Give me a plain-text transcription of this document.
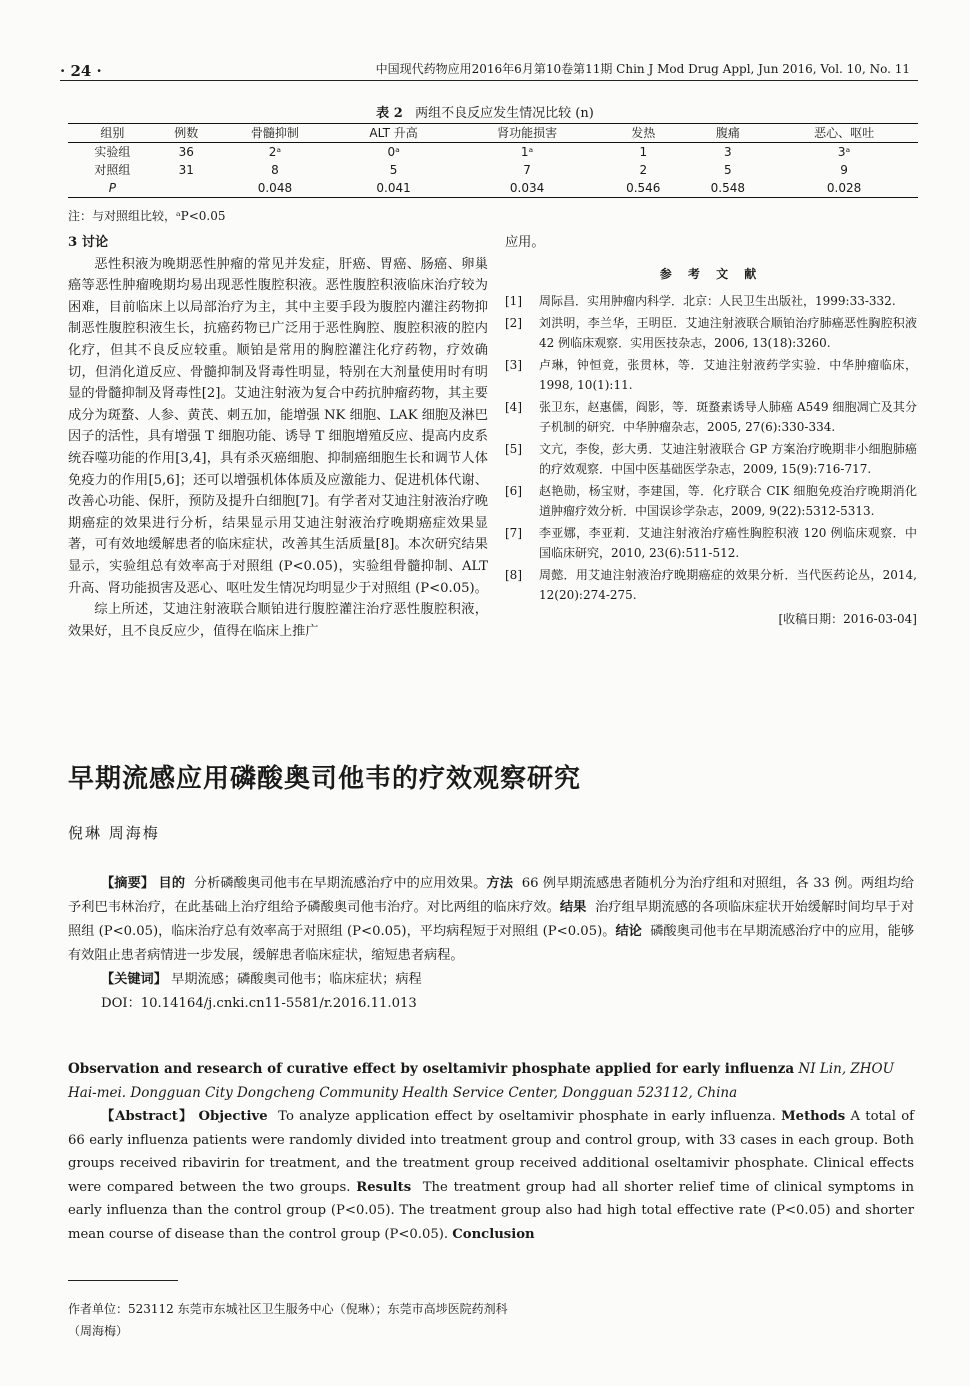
· 24 ·	中国现代药物应用2016年6月第10卷第11期 Chin J Mod Drug Appl, Jun 2016, Vol. 10, No. 11
表 2 两组不良反应发生情况比较 (n)
组别	例数	骨髓抑制	ALT 升高	肾功能损害	发热	腹痛	恶心、呕吐
实验组	36	2ᵃ	0ᵃ	1ᵃ	1	3	3ᵃ
对照组	31	8	5	7	2	5	9
P		0.048	0.041	0.034	0.546	0.548	0.028
注：与对照组比较，ᵃP<0.05
3 讨论
恶性积液为晚期恶性肿瘤的常见并发症，肝癌、胃癌、肠癌、卵巢癌等恶性肿瘤晚期均易出现恶性腹腔积液。恶性腹腔积液临床治疗较为困难，目前临床上以局部治疗为主，其中主要手段为腹腔内灌注药物抑制恶性腹腔积液生长，抗癌药物已广泛用于恶性胸腔、腹腔积液的腔内化疗，但其不良反应较重。顺铂是常用的胸腔灌注化疗药物，疗效确切，但消化道反应、骨髓抑制及肾毒性明显，特别在大剂量使用时有明显的骨髓抑制及肾毒性[2]。艾迪注射液为复合中药抗肿瘤药物，其主要成分为斑蝥、人参、黄芪、刺五加，能增强 NK 细胞、LAK 细胞及淋巴因子的活性，具有增强 T 细胞功能、诱导 T 细胞增殖反应、提高内皮系统吞噬功能的作用[3,4]，具有杀灭癌细胞、抑制癌细胞生长和调节人体免疫力的作用[5,6]；还可以增强机体体质及应激能力、促进机体代谢、改善心功能、保肝，预防及提升白细胞[7]。有学者对艾迪注射液治疗晚期癌症的效果进行分析，结果显示用艾迪注射液治疗晚期癌症效果显著，可有效地缓解患者的临床症状，改善其生活质量[8]。本次研究结果显示，实验组总有效率高于对照组 (P<0.05)，实验组骨髓抑制、ALT 升高、肾功能损害及恶心、呕吐发生情况均明显少于对照组 (P<0.05)。
综上所述，艾迪注射液联合顺铂进行腹腔灌注治疗恶性腹腔积液，效果好，且不良反应少，值得在临床上推广
应用。
参 考 文 献
[1]	周际昌．实用肿瘤内科学．北京：人民卫生出版社，1999:33-332.
[2]	刘洪明，李兰华，王明臣．艾迪注射液联合顺铂治疗肺癌恶性胸腔积液 42 例临床观察．实用医技杂志，2006, 13(18):3260.
[3]	卢琳，钟恒竟，张贯林，等．艾迪注射液药学实验．中华肿瘤临床，1998, 10(1):11.
[4]	张卫东，赵惠儒，阎影，等．斑蝥素诱导人肺癌 A549 细胞凋亡及其分子机制的研究．中华肿瘤杂志，2005, 27(6):330-334.
[5]	文亢，李俊，彭大勇．艾迪注射液联合 GP 方案治疗晚期非小细胞肺癌的疗效观察．中国中医基础医学杂志，2009, 15(9):716-717.
[6]	赵艳勋，杨宝财，李建国，等．化疗联合 CIK 细胞免疫治疗晚期消化道肿瘤疗效分析．中国误诊学杂志，2009, 9(22):5312-5313.
[7]	李亚娜，李亚莉．艾迪注射液治疗癌性胸腔积液 120 例临床观察．中国临床研究，2010, 23(6):511-512.
[8]	周懿．用艾迪注射液治疗晚期癌症的效果分析．当代医药论丛，2014, 12(20):274-275.
[收稿日期：2016-03-04]
早期流感应用磷酸奥司他韦的疗效观察研究
倪琳 周海梅
【摘要】 目的 分析磷酸奥司他韦在早期流感治疗中的应用效果。方法 66 例早期流感患者随机分为治疗组和对照组，各 33 例。两组均给予利巴韦林治疗，在此基础上治疗组给予磷酸奥司他韦治疗。对比两组的临床疗效。结果 治疗组早期流感的各项临床症状开始缓解时间均早于对照组 (P<0.05)，临床治疗总有效率高于对照组 (P<0.05)，平均病程短于对照组 (P<0.05)。结论 磷酸奥司他韦在早期流感治疗中的应用，能够有效阻止患者病情进一步发展，缓解患者临床症状，缩短患者病程。
【关键词】 早期流感；磷酸奥司他韦；临床症状；病程
DOI：10.14164/j.cnki.cn11-5581/r.2016.11.013
Observation and research of curative effect by oseltamivir phosphate applied for early influenza NI Lin, ZHOU Hai-mei. Dongguan City Dongcheng Community Health Service Center, Dongguan 523112, China
【Abstract】 Objective To analyze application effect by oseltamivir phosphate in early influenza. Methods A total of 66 early influenza patients were randomly divided into treatment group and control group, with 33 cases in each group. Both groups received ribavirin for treatment, and the treatment group received additional oseltamivir phosphate. Clinical effects were compared between the two groups. Results The treatment group had all shorter relief time of clinical symptoms in early influenza than the control group (P<0.05). The treatment group also had high total effective rate (P<0.05) and shorter mean course of disease than the control group (P<0.05). Conclusion
作者单位：523112 东莞市东城社区卫生服务中心（倪琳）；东莞市高埗医院药剂科（周海梅）
